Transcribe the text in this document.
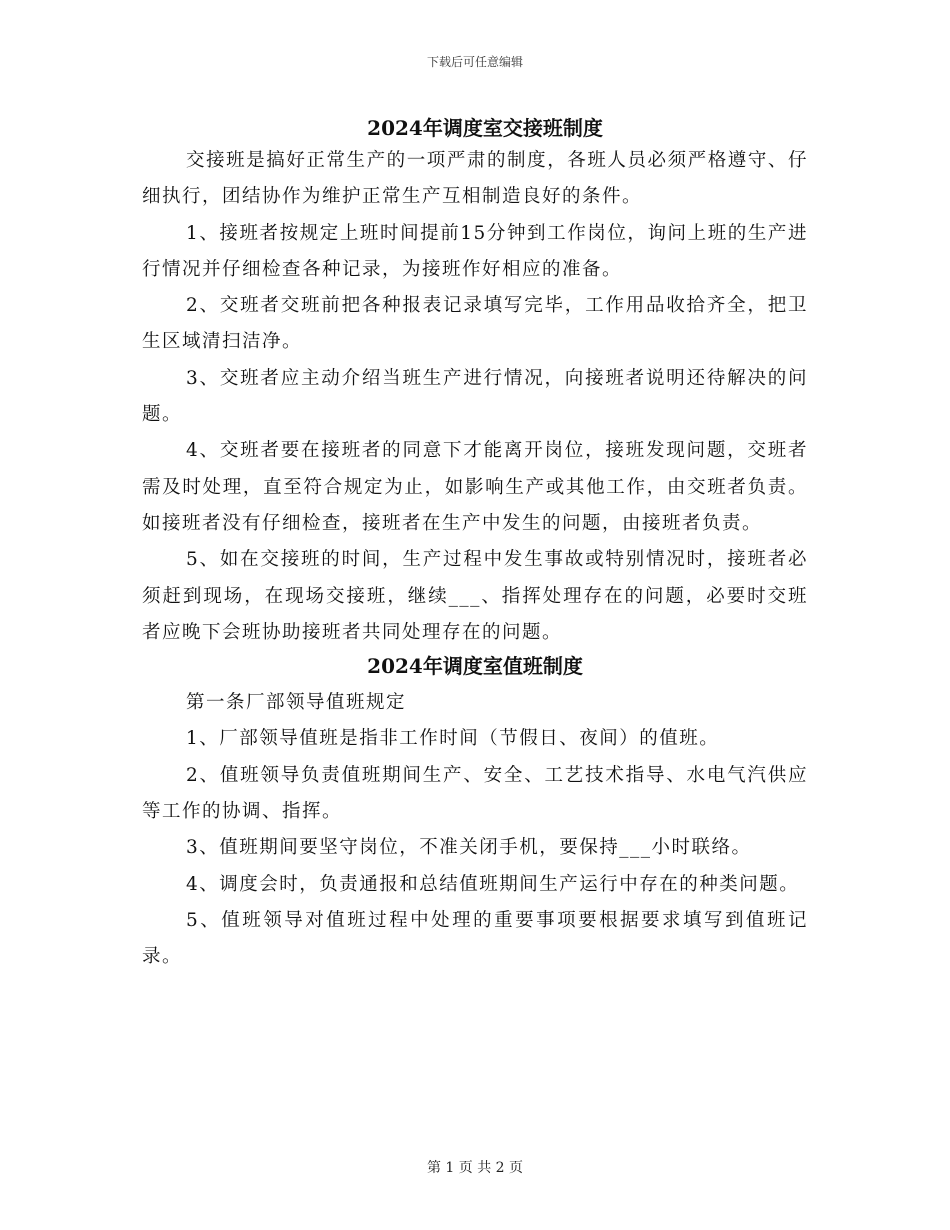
下载后可任意编辑
2024年调度室交接班制度

交接班是搞好正常生产的一项严肃的制度，各班人员必须严格遵守、仔细执行，团结协作为维护正常生产互相制造良好的条件。

1、接班者按规定上班时间提前15分钟到工作岗位，询问上班的生产进行情况并仔细检查各种记录，为接班作好相应的准备。

2、交班者交班前把各种报表记录填写完毕，工作用品收拾齐全，把卫生区域清扫洁净。

3、交班者应主动介绍当班生产进行情况，向接班者说明还待解决的问题。

4、交班者要在接班者的同意下才能离开岗位，接班发现问题，交班者需及时处理，直至符合规定为止，如影响生产或其他工作，由交班者负责。如接班者没有仔细检查，接班者在生产中发生的问题，由接班者负责。

5、如在交接班的时间，生产过程中发生事故或特别情况时，接班者必须赶到现场，在现场交接班，继续___、指挥处理存在的问题，必要时交班者应晚下会班协助接班者共同处理存在的问题。

2024年调度室值班制度

第一条厂部领导值班规定

1、厂部领导值班是指非工作时间（节假日、夜间）的值班。

2、值班领导负责值班期间生产、安全、工艺技术指导、水电气汽供应等工作的协调、指挥。

3、值班期间要坚守岗位，不准关闭手机，要保持___小时联络。

4、调度会时，负责通报和总结值班期间生产运行中存在的种类问题。

5、值班领导对值班过程中处理的重要事项要根据要求填写到值班记录。

第 1 页 共 2 页
